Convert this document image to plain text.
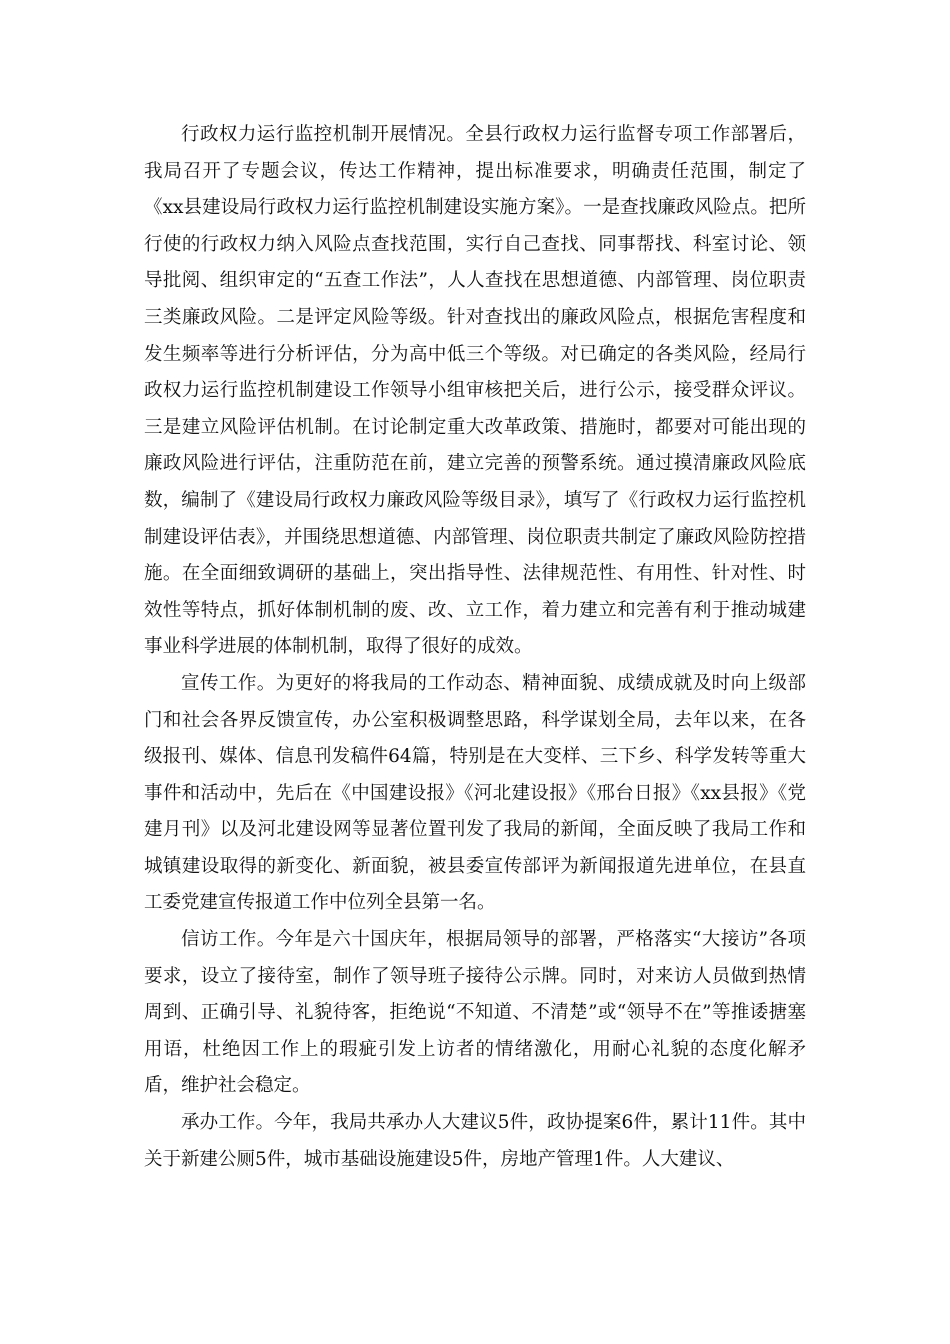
行政权力运行监控机制开展情况。全县行政权力运行监督专项工作部署后，我局召开了专题会议，传达工作精神，提出标准要求，明确责任范围，制定了《xx县建设局行政权力运行监控机制建设实施方案》。一是查找廉政风险点。把所行使的行政权力纳入风险点查找范围，实行自己查找、同事帮找、科室讨论、领导批阅、组织审定的“五查工作法”，人人查找在思想道德、内部管理、岗位职责三类廉政风险。二是评定风险等级。针对查找出的廉政风险点，根据危害程度和发生频率等进行分析评估，分为高中低三个等级。对已确定的各类风险，经局行政权力运行监控机制建设工作领导小组审核把关后，进行公示，接受群众评议。三是建立风险评估机制。在讨论制定重大改革政策、措施时，都要对可能出现的廉政风险进行评估，注重防范在前，建立完善的预警系统。通过摸清廉政风险底数，编制了《建设局行政权力廉政风险等级目录》，填写了《行政权力运行监控机制建设评估表》，并围绕思想道德、内部管理、岗位职责共制定了廉政风险防控措施。在全面细致调研的基础上，突出指导性、法律规范性、有用性、针对性、时效性等特点，抓好体制机制的废、改、立工作，着力建立和完善有利于推动城建事业科学进展的体制机制，取得了很好的成效。

宣传工作。为更好的将我局的工作动态、精神面貌、成绩成就及时向上级部门和社会各界反馈宣传，办公室积极调整思路，科学谋划全局，去年以来，在各级报刊、媒体、信息刊发稿件64篇，特别是在大变样、三下乡、科学发转等重大事件和活动中，先后在《中国建设报》《河北建设报》《邢台日报》《xx县报》《党建月刊》以及河北建设网等显著位置刊发了我局的新闻，全面反映了我局工作和城镇建设取得的新变化、新面貌，被县委宣传部评为新闻报道先进单位，在县直工委党建宣传报道工作中位列全县第一名。

信访工作。今年是六十国庆年，根据局领导的部署，严格落实“大接访”各项要求，设立了接待室，制作了领导班子接待公示牌。同时，对来访人员做到热情周到、正确引导、礼貌待客，拒绝说“不知道、不清楚”或“领导不在”等推诿搪塞用语，杜绝因工作上的瑕疵引发上访者的情绪激化，用耐心礼貌的态度化解矛盾，维护社会稳定。

承办工作。今年，我局共承办人大建议5件，政协提案6件，累计11件。其中关于新建公厕5件，城市基础设施建设5件，房地产管理1件。人大建议、
